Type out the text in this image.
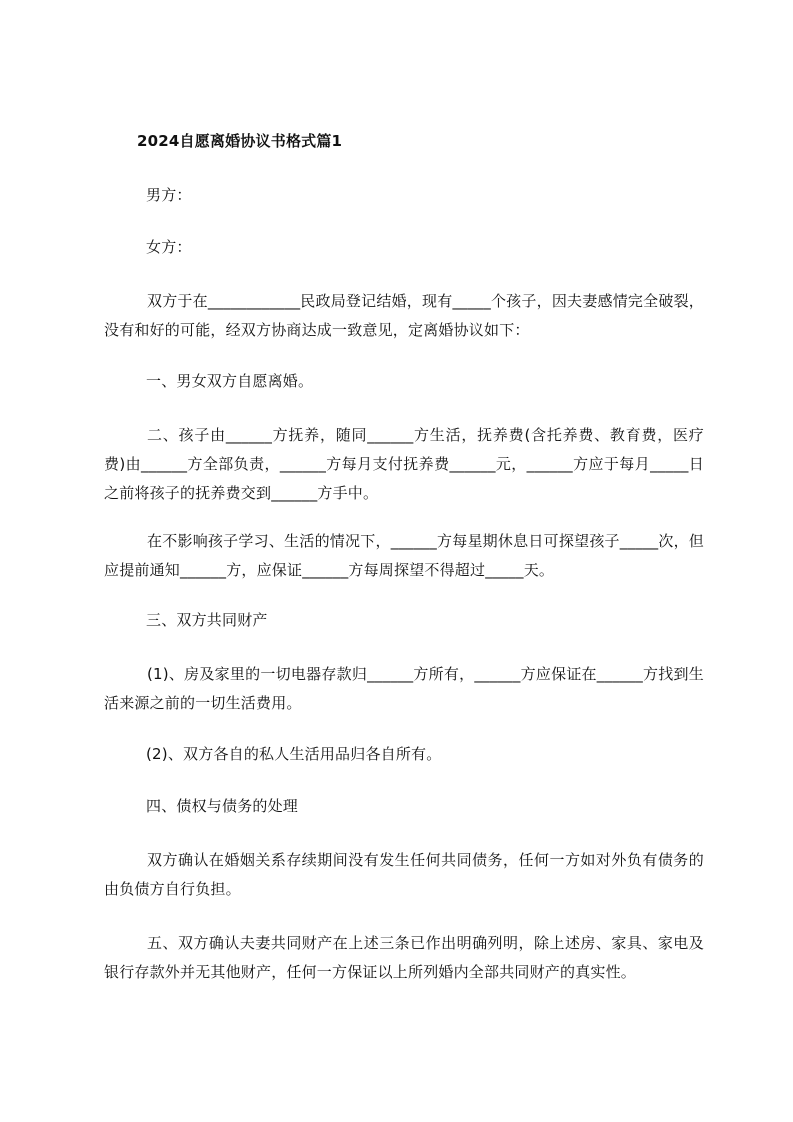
2024自愿离婚协议书格式篇1
男方：
女方：
双方于在____________民政局登记结婚，现有_____个孩子，因夫妻感情完全破裂，没有和好的可能，经双方协商达成一致意见，定离婚协议如下：
一、男女双方自愿离婚。
二、孩子由______方抚养，随同______方生活，抚养费(含托养费、教育费，医疗费)由______方全部负责，______方每月支付抚养费______元，______方应于每月_____日之前将孩子的抚养费交到______方手中。
在不影响孩子学习、生活的情况下，______方每星期休息日可探望孩子_____次，但应提前通知______方，应保证______方每周探望不得超过_____天。
三、双方共同财产
(1)、房及家里的一切电器存款归______方所有，______方应保证在______方找到生活来源之前的一切生活费用。
(2)、双方各自的私人生活用品归各自所有。
四、债权与债务的处理
双方确认在婚姻关系存续期间没有发生任何共同债务，任何一方如对外负有债务的由负债方自行负担。
五、双方确认夫妻共同财产在上述三条已作出明确列明，除上述房、家具、家电及银行存款外并无其他财产，任何一方保证以上所列婚内全部共同财产的真实性。
